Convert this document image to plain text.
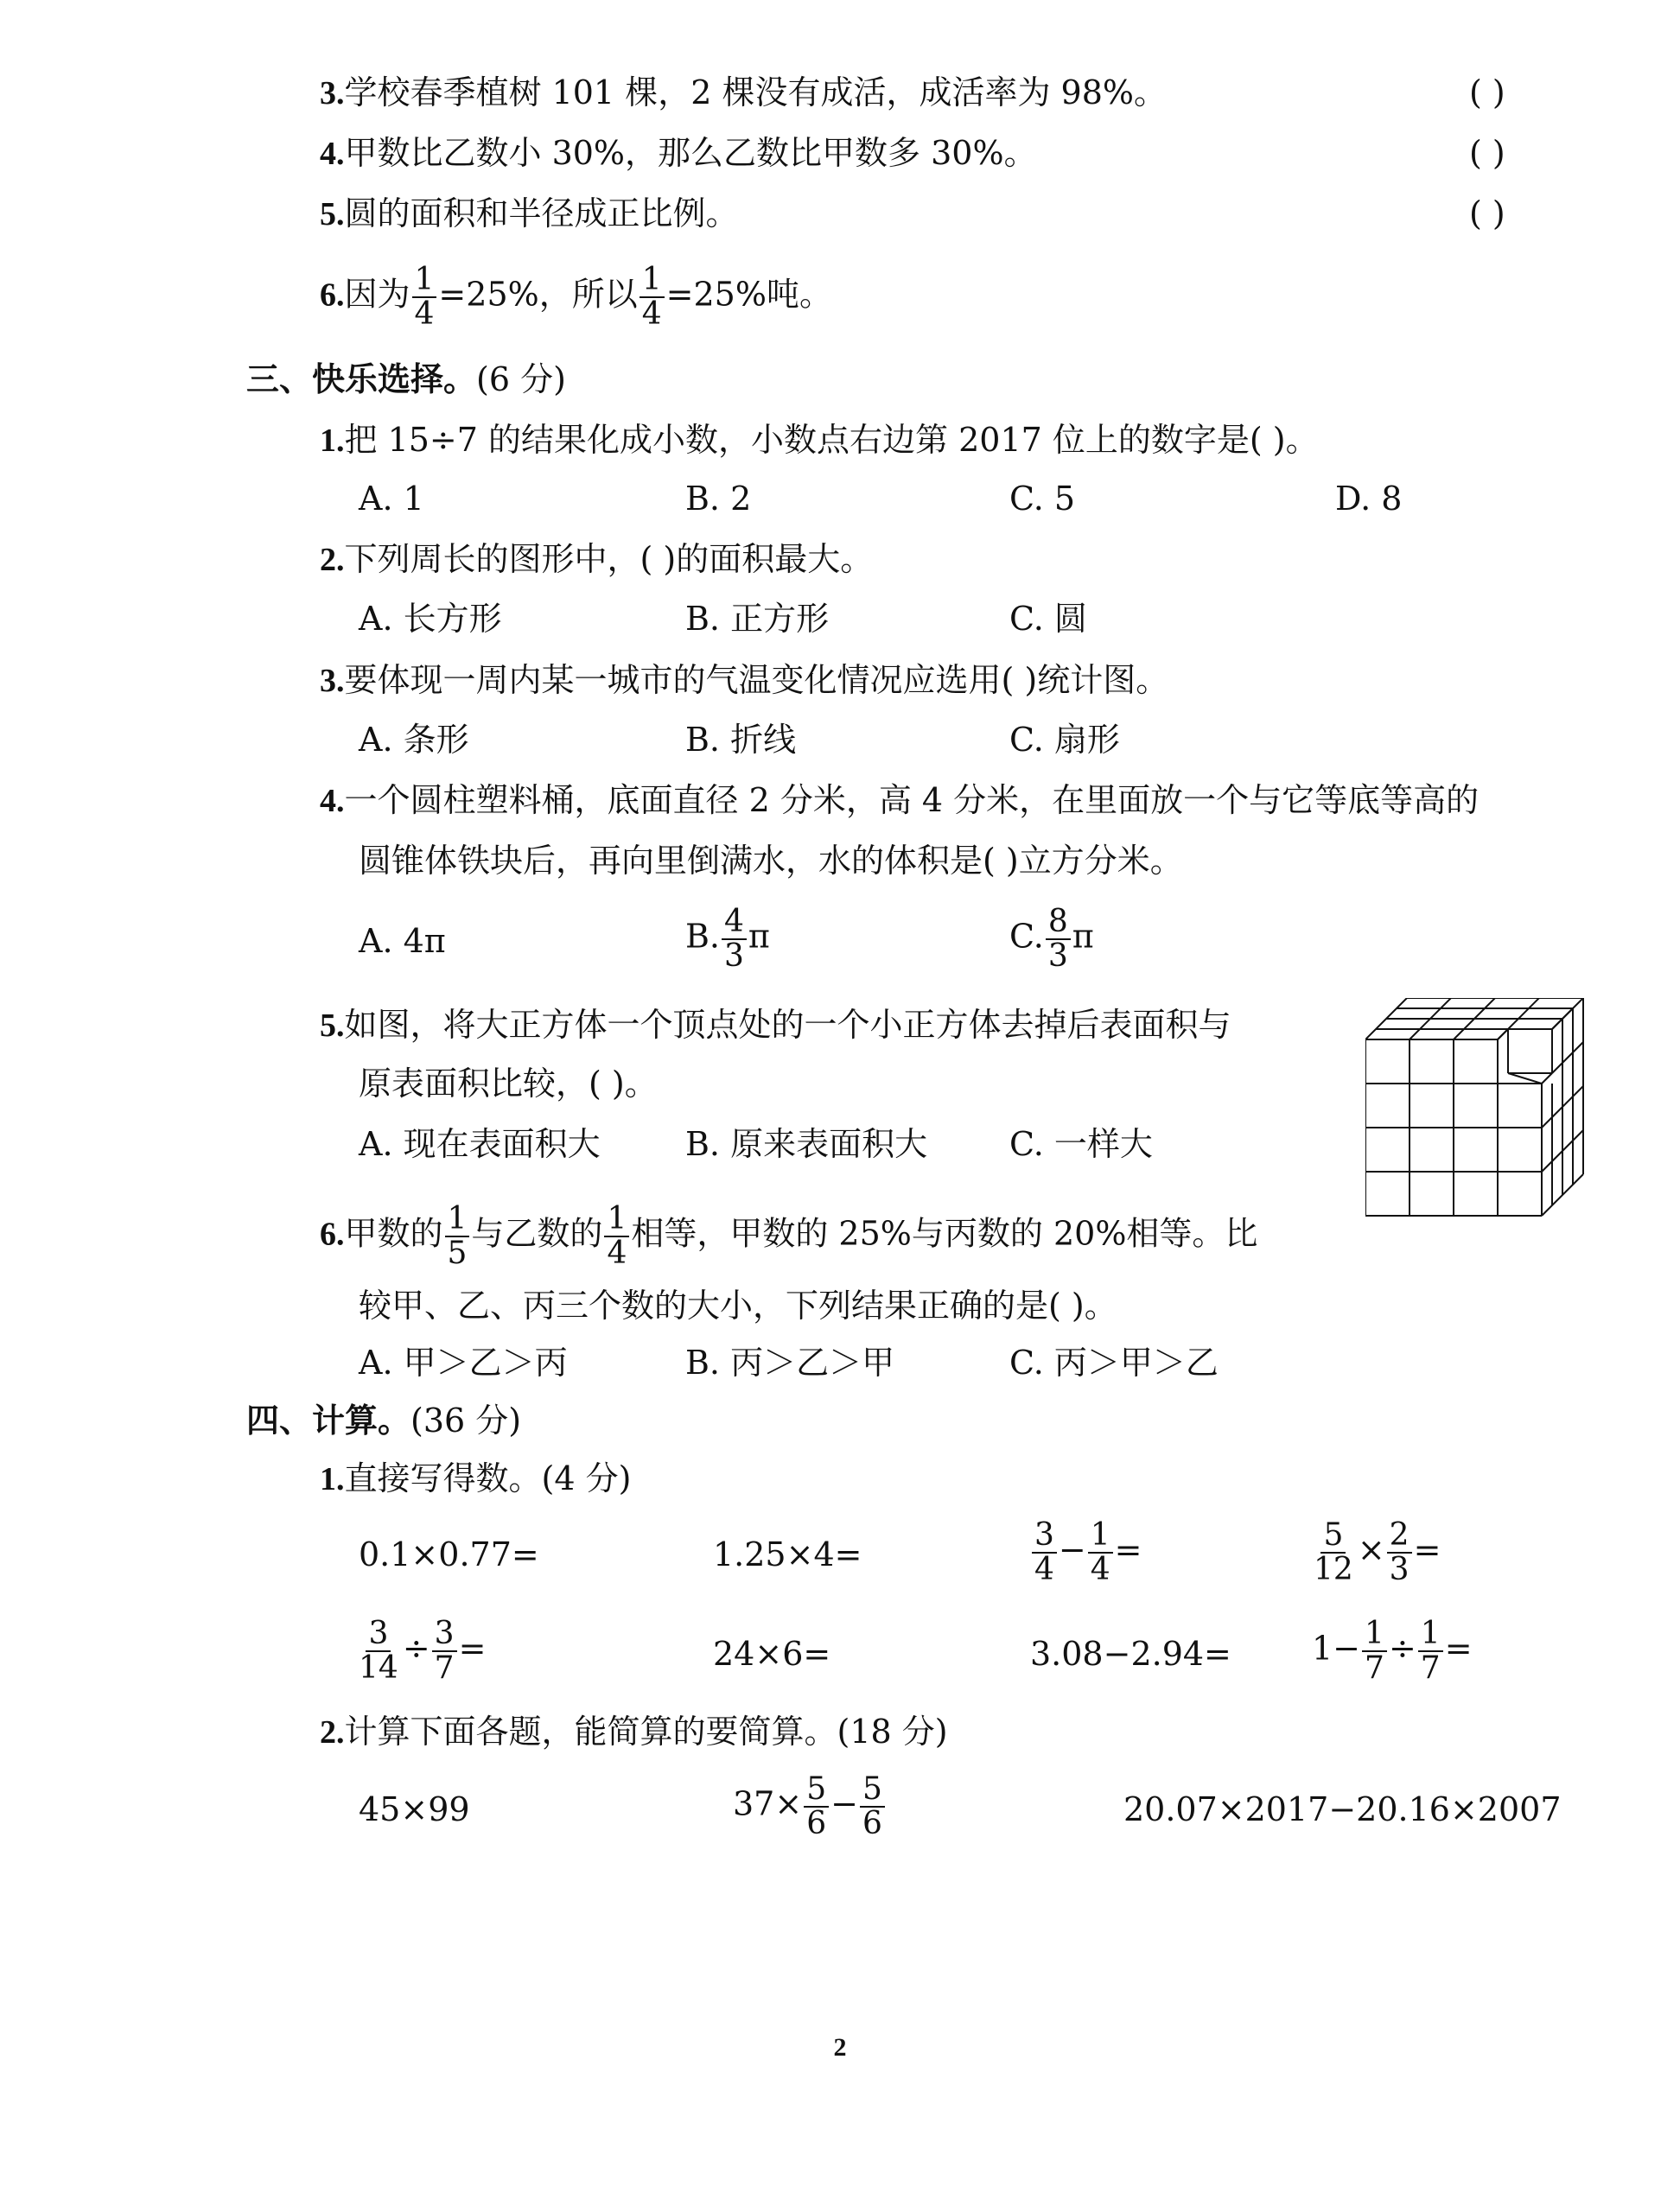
3.学校春季植树 101 棵，2 棵没有成活，成活率为 98%。	( )
4.甲数比乙数小 30%，那么乙数比甲数多 30%。	( )
5.圆的面积和半径成正比例。	( )
6.因为 $\frac{1}{4} =25\%$，所以 $\frac{1}{4} =25\%$吨。
三、快乐选择。(6 分)
1.把 15÷7 的结果化成小数，小数点右边第 2017 位上的数字是( )。
A. 1	B. 2	C. 5	D. 8
2.下列周长的图形中，( )的面积最大。
A. 长方形	B. 正方形	C. 圆
3.要体现一周内某一城市的气温变化情况应选用( )统计图。
A. 条形	B. 折线	C. 扇形
4.一个圆柱塑料桶，底面直径 2 分米，高 4 分米，在里面放一个与它等底等高的
圆锥体铁块后，再向里倒满水，水的体积是( )立方分米。
A. 4π	B. $\frac{4}{3}$ π	C. $\frac{8}{3}$ π
5.如图，将大正方体一个顶点处的一个小正方体去掉后表面积与
原表面积比较，( )。
A. 现在表面积大	B. 原来表面积大 C. 一样大
6.甲数的 $\frac{1}{5}$ 与乙数的 $\frac{1}{4}$ 相等，甲数的 25%与丙数的 20%相等。比
较甲、乙、丙三个数的大小，下列结果正确的是( )。
A. 甲＞乙＞丙	B. 丙＞乙＞甲	C. 丙＞甲＞乙
四、计算。(36 分)
1.直接写得数。(4 分)
0.1×0.77=	1.25×4=	$\frac{3}{4} - \frac{1}{4}$ =	$\frac{5}{12} \times \frac{2}{3}$ =
$\frac{3}{14} \div \frac{3}{7}$ =	24×6=	$3.08-2.94= 1- \frac{1}{7} \div \frac{1}{7}$ =
2.计算下面各题，能简算的要简算。(18 分)
45×99	$37\times \frac{5}{6} - \frac{5}{6}$	20.07×2017−20.16×2007
2
